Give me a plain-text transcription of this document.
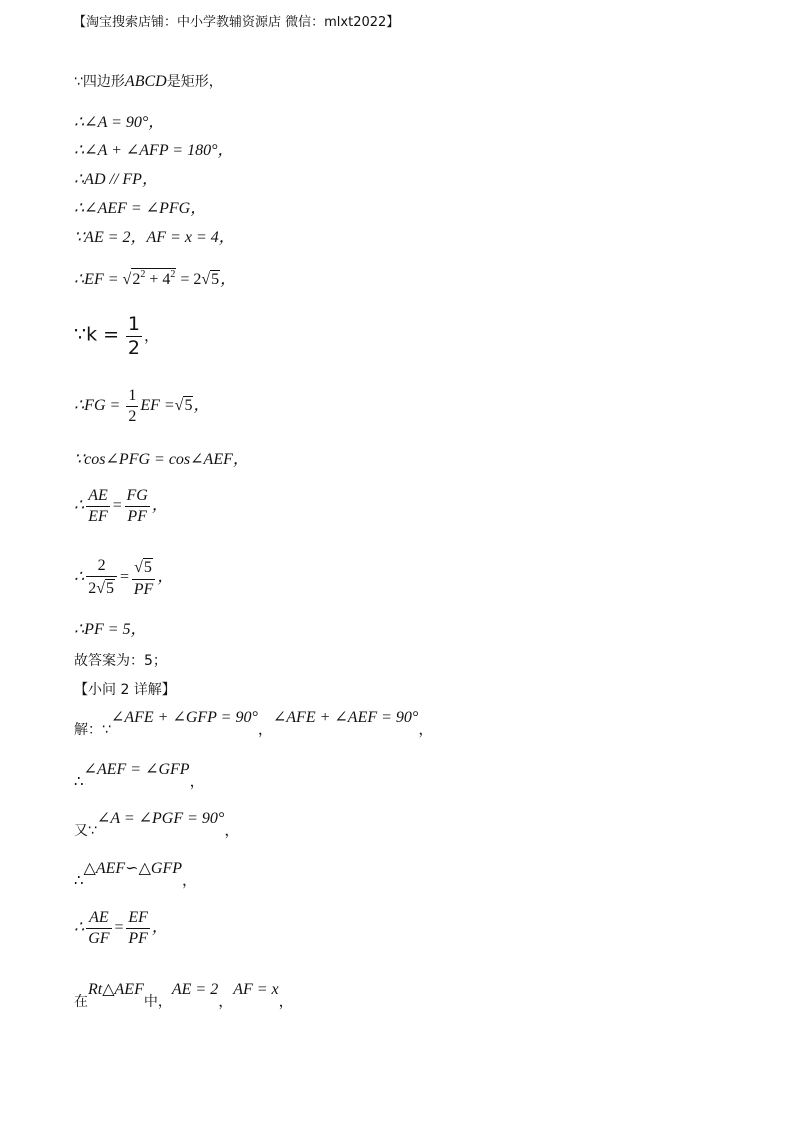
【淘宝搜索店铺：中小学教辅资源店 微信：mlxt2022】
∵四边形ABCD是矩形，
∴∠A = 90°，
∴∠A + ∠AFP = 180°，
∴AD // FP，
∴∠AEF = ∠PFG，
∵AE = 2，AF = x = 4，
∴EF = $√2^2 + 4^2 = 2√5$，
∵k = $\frac{1}{2}$ ，
∴FG = $\frac{1}{2}$ EF =√5，
∵cos∠PFG = cos∠AEF，
∴ $\frac{AE}{EF} = \frac{FG}{PF}$ ，
∴ $\frac{2}{2√5} = \frac{√5}{PF}$ ，
∴PF = 5，
故答案为：5；
【小问 2 详解】
解：∵∠AFE + ∠GFP = 90°，∠AFE + ∠AEF = 90°，
∴∠AEF = ∠GFP，
又∵∠A = ∠PGF = 90°，
∴△AEF∽△GFP，
∴ $\frac{AE}{GF} = \frac{EF}{PF}$ ，
在Rt△AEF中，AE = 2，AF = x，
